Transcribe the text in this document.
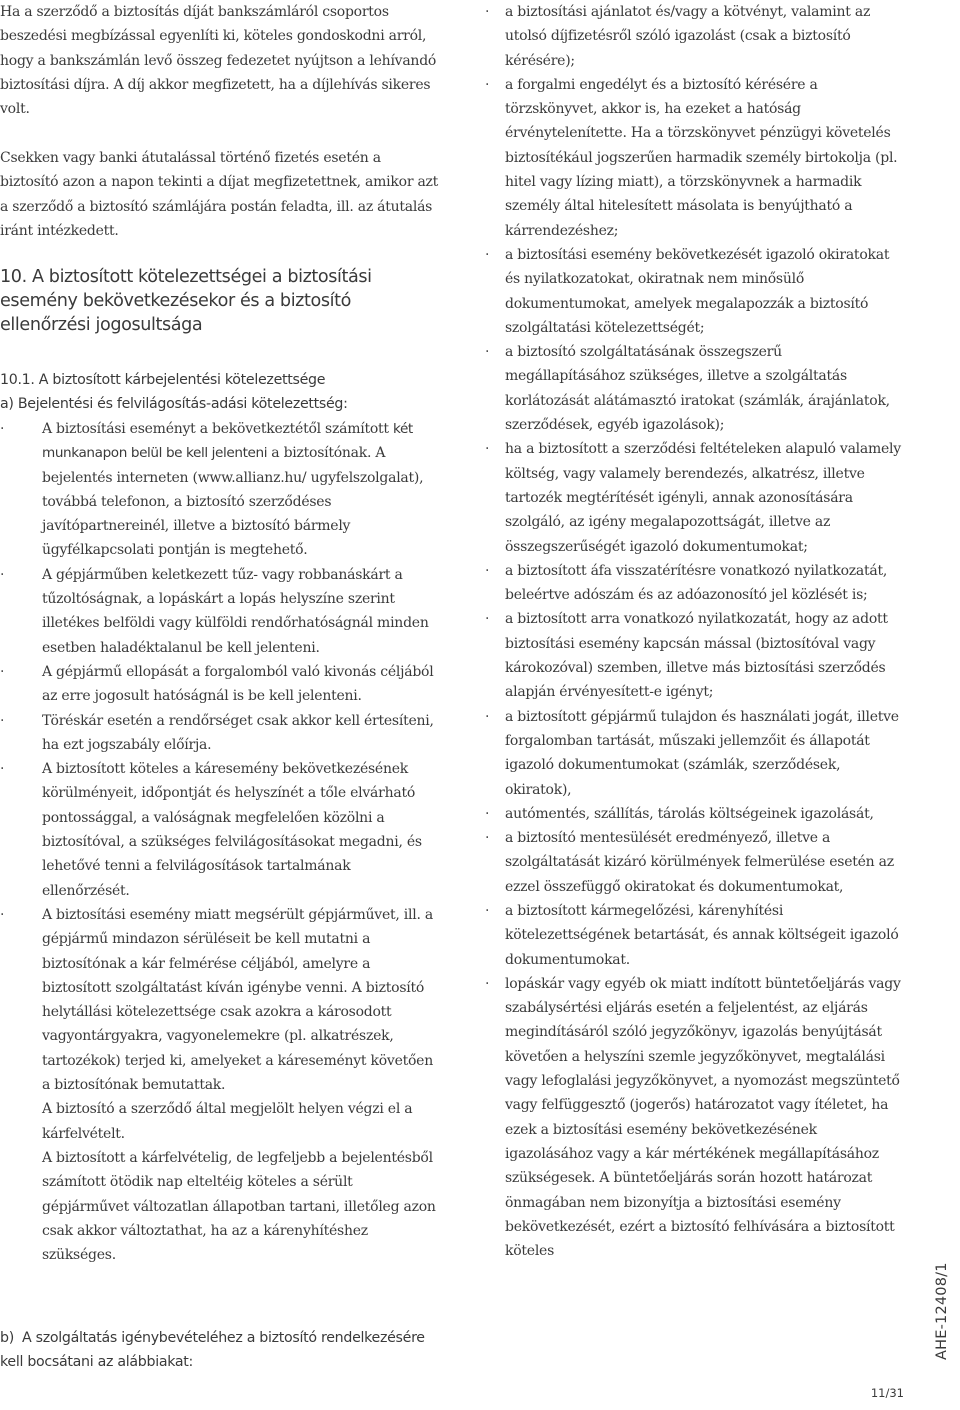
Ha a szerződő a biztosítás díját bankszámláról csoportos beszedési megbízással egyenlíti ki, köteles gondoskodni arról, hogy a bankszámlán levő összeg fedezetet nyújtson a lehívandó biztosítási díjra. A díj akkor megfizetett, ha a díjlehívás sikeres volt.

Csekken vagy banki átutalással történő fizetés esetén a biztosító azon a napon tekinti a díjat megfizetettnek, amikor azt a szerződő a biztosító számlájára postán feladta, ill. az átutalás iránt intézkedett.

10. A biztosított kötelezettségei a biztosítási esemény bekövetkezésekor és a biztosító ellenőrzési jogosultsága

10.1. A biztosított kárbejelentési kötelezettsége

a) Bejelentési és felvilágosítás-adási kötelezettség:

· A biztosítási eseményt a bekövetkeztétől számított két munkanapon belül be kell jelenteni a biztosítónak. A bejelentés interneten (www.allianz.hu/ ugyfelszolgalat), továbbá telefonon, a biztosító szerződéses javítópartnereinél, illetve a biztosító bármely ügyfélkapcsolati pontján is megtehető.
· A gépjárműben keletkezett tűz- vagy robbanáskárt a tűzoltóságnak, a lopáskárt a lopás helyszíne szerint illetékes belföldi vagy külföldi rendőrhatóságnál minden esetben haladéktalanul be kell jelenteni.
· A gépjármű ellopását a forgalomból való kivonás céljából az erre jogosult hatóságnál is be kell jelenteni.
· Töréskár esetén a rendőrséget csak akkor kell értesíteni, ha ezt jogszabály előírja.
· A biztosított köteles a káresemény bekövetkezésének körülményeit, időpontját és helyszínét a tőle elvárható pontossággal, a valóságnak megfelelően közölni a biztosítóval, a szükséges felvilágosításokat megadni, és lehetővé tenni a felvilágosítások tartalmának ellenőrzését.
· A biztosítási esemény miatt megsérült gépjárművet, ill. a gépjármű mindazon sérüléseit be kell mutatni a biztosítónak a kár felmérése céljából, amelyre a biztosított szolgáltatást kíván igénybe venni. A biztosító helytállási kötelezettsége csak azokra a károsodott vagyontárgyakra, vagyonelemekre (pl. alkatrészek, tartozékok) terjed ki, amelyeket a káreseményt követően a biztosítónak bemutattak.
A biztosító a szerződő által megjelölt helyen végzi el a kárfelvételt.
A biztosított a kárfelvételig, de legfeljebb a bejelentésből számított ötödik nap elteltéig köteles a sérült gépjárművet változatlan állapotban tartani, illetőleg azon csak akkor változtathat, ha az a kárenyhítéshez szükséges.

b) A szolgáltatás igénybevételéhez a biztosító rendelkezésére kell bocsátani az alábbiakat:

· a biztosítási ajánlatot és/vagy a kötvényt, valamint az utolsó díjfizetésről szóló igazolást (csak a biztosító kérésére);
· a forgalmi engedélyt és a biztosító kérésére a törzskönyvet, akkor is, ha ezeket a hatóság érvénytelenítette. Ha a törzskönyvet pénzügyi követelés biztosítékául jogszerűen harmadik személy birtokolja (pl. hitel vagy lízing miatt), a törzskönyvnek a harmadik személy által hitelesített másolata is benyújtható a kárrendezéshez;
· a biztosítási esemény bekövetkezését igazoló okiratokat és nyilatkozatokat, okiratnak nem minősülő dokumentumokat, amelyek megalapozzák a biztosító szolgáltatási kötelezettségét;
· a biztosító szolgáltatásának összegszerű megállapításához szükséges, illetve a szolgáltatás korlátozását alátámasztó iratokat (számlák, árajánlatok, szerződések, egyéb igazolások);
· ha a biztosított a szerződési feltételeken alapuló valamely költség, vagy valamely berendezés, alkatrész, illetve tartozék megtérítését igényli, annak azonosítására szolgáló, az igény megalapozottságát, illetve az összegszerűségét igazoló dokumentumokat;
· a biztosított áfa visszatérítésre vonatkozó nyilatkozatát, beleértve adószám és az adóazonosító jel közlését is;
· a biztosított arra vonatkozó nyilatkozatát, hogy az adott biztosítási esemény kapcsán mással (biztosítóval vagy károkozóval) szemben, illetve más biztosítási szerződés alapján érvényesített-e igényt;
· a biztosított gépjármű tulajdon és használati jogát, illetve forgalomban tartását, műszaki jellemzőit és állapotát igazoló dokumentumokat (számlák, szerződések, okiratok),
· autómentés, szállítás, tárolás költségeinek igazolását,
· a biztosító mentesülését eredményező, illetve a szolgáltatását kizáró körülmények felmerülése esetén az ezzel összefüggő okiratokat és dokumentumokat,
· a biztosított kármegelőzési, kárenyhítési kötelezettségének betartását, és annak költségeit igazoló dokumentumokat.
· lopáskár vagy egyéb ok miatt indított büntetőeljárás vagy szabálysértési eljárás esetén a feljelentést, az eljárás megindításáról szóló jegyzőkönyv, igazolás benyújtását követően a helyszíni szemle jegyzőkönyvet, megtalálási vagy lefoglalási jegyzőkönyvet, a nyomozást megszüntető vagy felfüggesztő (jogerős) határozatot vagy ítéletet, ha ezek a biztosítási esemény bekövetkezésének igazolásához vagy a kár mértékének megállapításához szükségesek. A büntetőeljárás során hozott határozat önmagában nem bizonyítja a biztosítási esemény bekövetkezését, ezért a biztosító felhívására a biztosított köteles
AHE-12408/1
11/31
